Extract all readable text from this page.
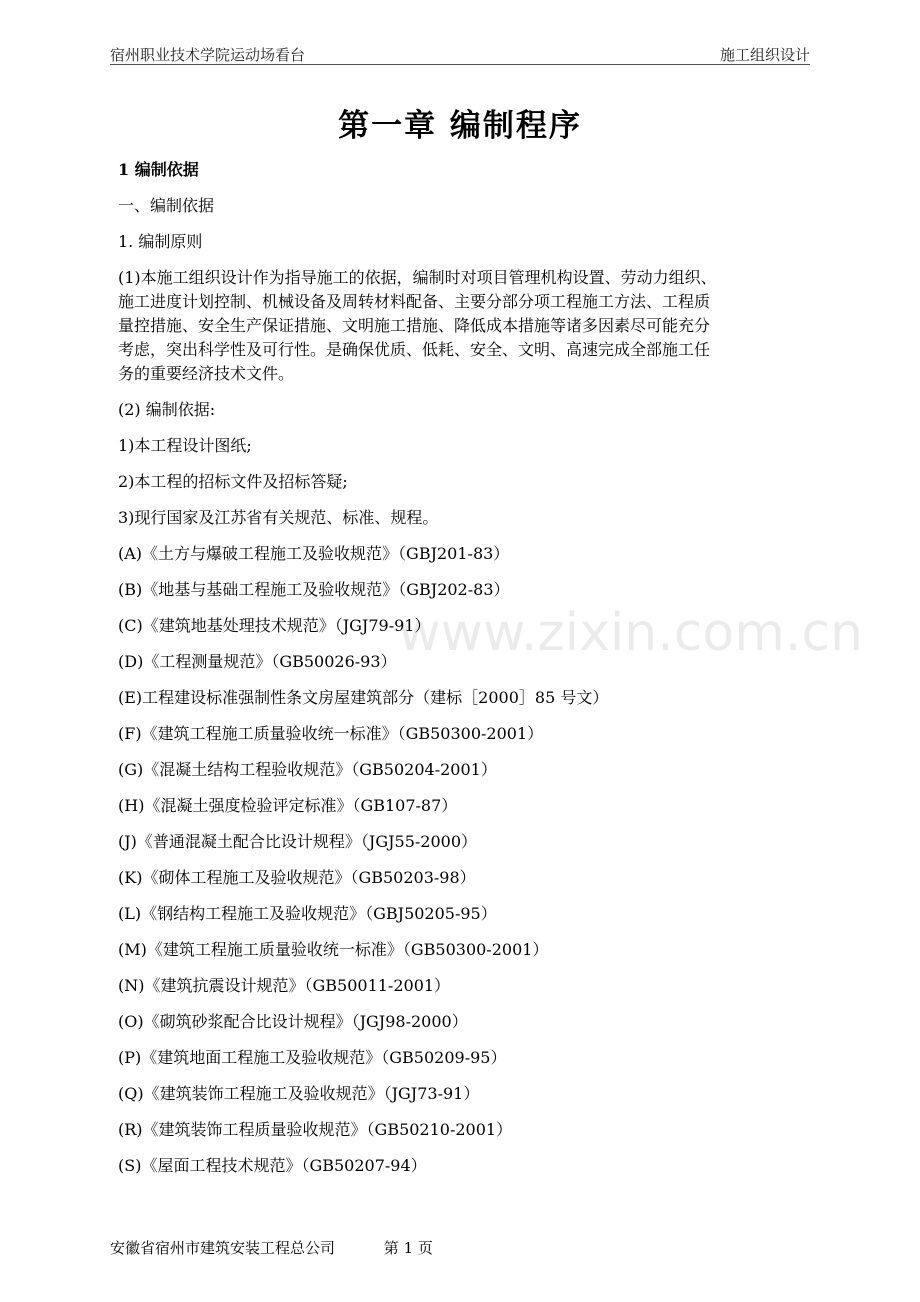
宿州职业技术学院运动场看台	施工组织设计
第一章 编制程序
www.zixin.com.cn
1 编制依据
一、编制依据
1. 编制原则

(1)本施工组织设计作为指导施工的依据，编制时对项目管理机构设置、劳动力组织、

施工进度计划控制、机械设备及周转材料配备、主要分部分项工程施工方法、工程质

量控措施、安全生产保证措施、文明施工措施、降低成本措施等诸多因素尽可能充分

考虑，突出科学性及可行性。是确保优质、低耗、安全、文明、高速完成全部施工任

务的重要经济技术文件。

(2) 编制依据:
1)本工程设计图纸;
2)本工程的招标文件及招标答疑;
3)现行国家及江苏省有关规范、标准、规程。
(A)《土方与爆破工程施工及验收规范》（GBJ201-83）
(B)《地基与基础工程施工及验收规范》（GBJ202-83）
(C)《建筑地基处理技术规范》（JGJ79-91）
(D)《工程测量规范》（GB50026-93）
(E)工程建设标准强制性条文房屋建筑部分（建标［2000］85 号文）
(F)《建筑工程施工质量验收统一标准》（GB50300-2001）
(G)《混凝土结构工程验收规范》（GB50204-2001）
(H)《混凝土强度检验评定标准》（GB107-87）
(J)《普通混凝土配合比设计规程》（JGJ55-2000）
(K)《砌体工程施工及验收规范》（GB50203-98）
(L)《钢结构工程施工及验收规范》（GBJ50205-95）
(M)《建筑工程施工质量验收统一标准》（GB50300-2001）
(N)《建筑抗震设计规范》（GB50011-2001）
(O)《砌筑砂浆配合比设计规程》（JGJ98-2000）
(P)《建筑地面工程施工及验收规范》（GB50209-95）
(Q)《建筑装饰工程施工及验收规范》（JGJ73-91）
(R)《建筑装饰工程质量验收规范》（GB50210-2001）
(S)《屋面工程技术规范》（GB50207-94）
安徽省宿州市建筑安装工程总公司	第 1 页
